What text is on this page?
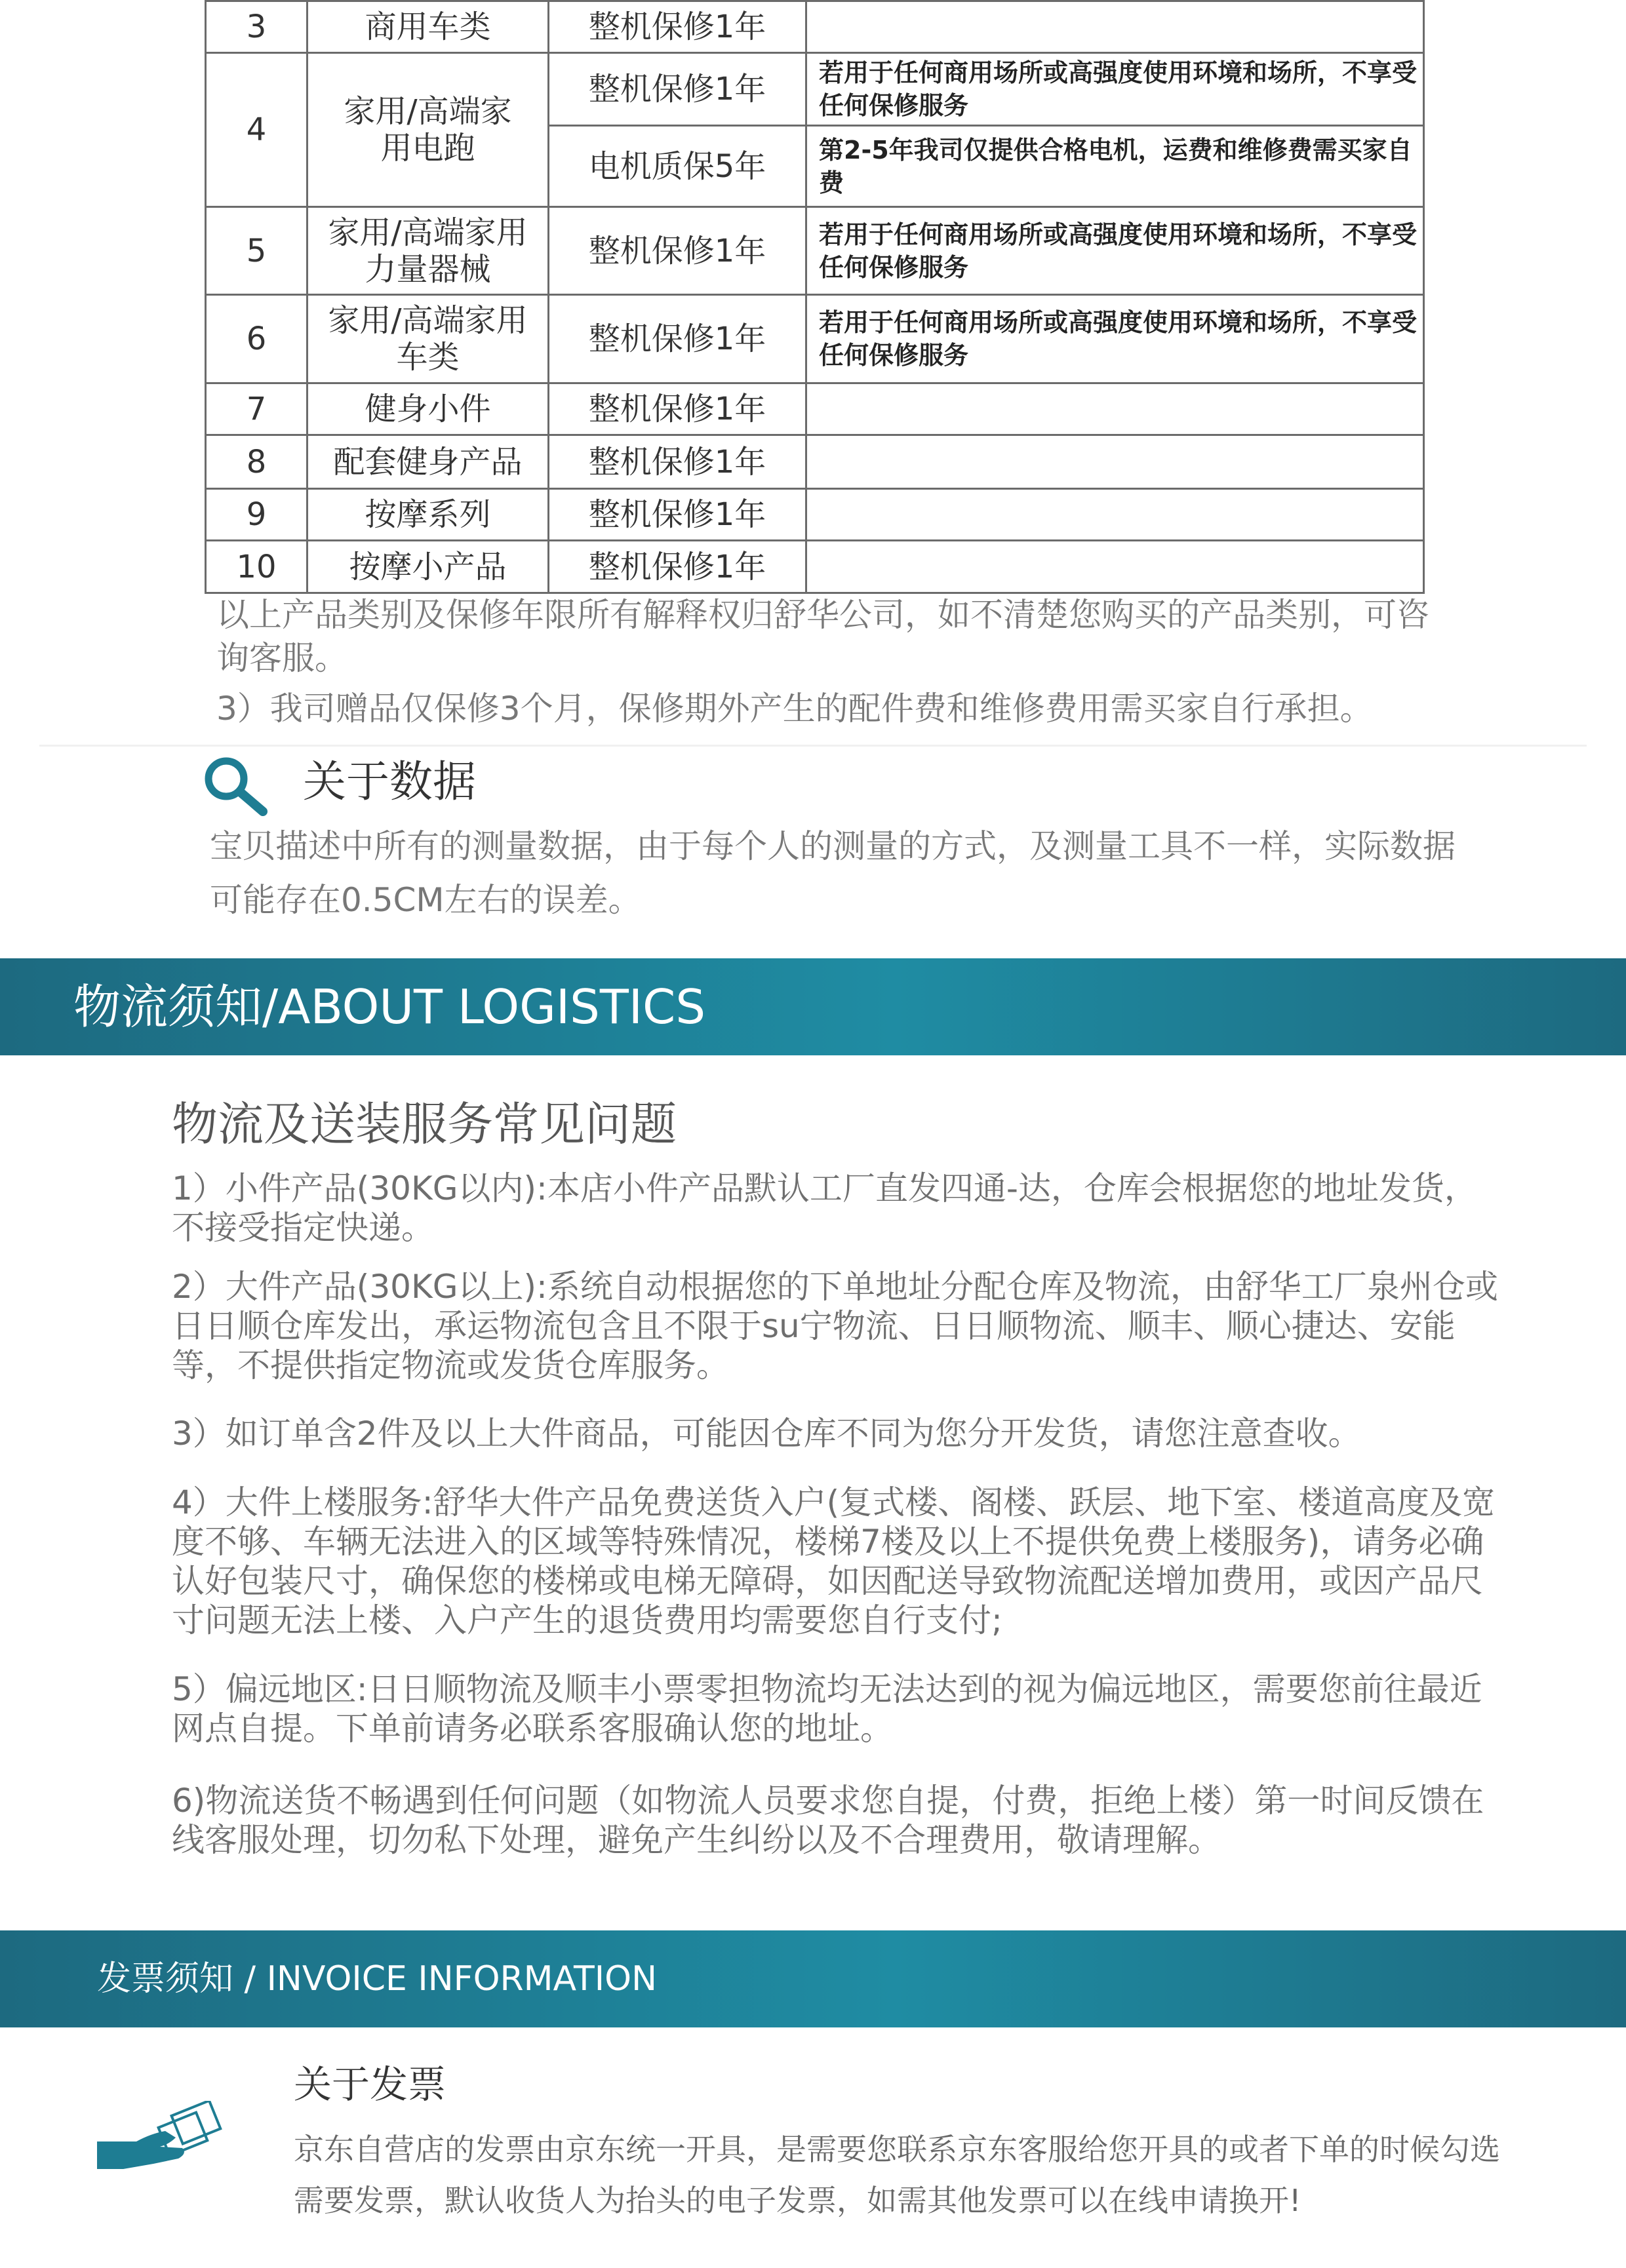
3	商用车类	整机保修1年	
4	家用/高端家用电跑	整机保修1年	若用于任何商用场所或高强度使用环境和场所，不享受任何保修服务
		电机质保5年	第2-5年我司仅提供合格电机，运费和维修费需买家自费
5	家用/高端家用力量器械	整机保修1年	若用于任何商用场所或高强度使用环境和场所，不享受任何保修服务
6	家用/高端家用车类	整机保修1年	若用于任何商用场所或高强度使用环境和场所，不享受任何保修服务
7	健身小件	整机保修1年	
8	配套健身产品	整机保修1年	
9	按摩系列	整机保修1年	
10	按摩小产品	整机保修1年	
以上产品类别及保修年限所有解释权归舒华公司，如不清楚您购买的产品类别，可咨询客服。
3）我司赠品仅保修3个月，保修期外产生的配件费和维修费用需买家自行承担。
关于数据
宝贝描述中所有的测量数据，由于每个人的测量的方式，及测量工具不一样，实际数据可能存在0.5CM左右的误差。
物流须知/ABOUT LOGISTICS
物流及送装服务常见问题
1）小件产品(30KG以内):本店小件产品默认工厂直发四通-达，仓库会根据您的地址发货，不接受指定快递。
2）大件产品(30KG以上):系统自动根据您的下单地址分配仓库及物流，由舒华工厂泉州仓或日日顺仓库发出，承运物流包含且不限于su宁物流、日日顺物流、顺丰、顺心捷达、安能等，不提供指定物流或发货仓库服务。
3）如订单含2件及以上大件商品，可能因仓库不同为您分开发货，请您注意查收。
4）大件上楼服务:舒华大件产品免费送货入户(复式楼、阁楼、跃层、地下室、楼道高度及宽度不够、车辆无法进入的区域等特殊情况，楼梯7楼及以上不提供免费上楼服务)，请务必确认好包装尺寸，确保您的楼梯或电梯无障碍，如因配送导致物流配送增加费用，或因产品尺寸问题无法上楼、入户产生的退货费用均需要您自行支付;
5）偏远地区:日日顺物流及顺丰小票零担物流均无法达到的视为偏远地区，需要您前往最近网点自提。下单前请务必联系客服确认您的地址。
6)物流送货不畅遇到任何问题（如物流人员要求您自提，付费，拒绝上楼）第一时间反馈在线客服处理，切勿私下处理，避免产生纠纷以及不合理费用，敬请理解。
发票须知 / INVOICE INFORMATION
关于发票
京东自营店的发票由京东统一开具，是需要您联系京东客服给您开具的或者下单的时候勾选需要发票，默认收货人为抬头的电子发票，如需其他发票可以在线申请换开!
